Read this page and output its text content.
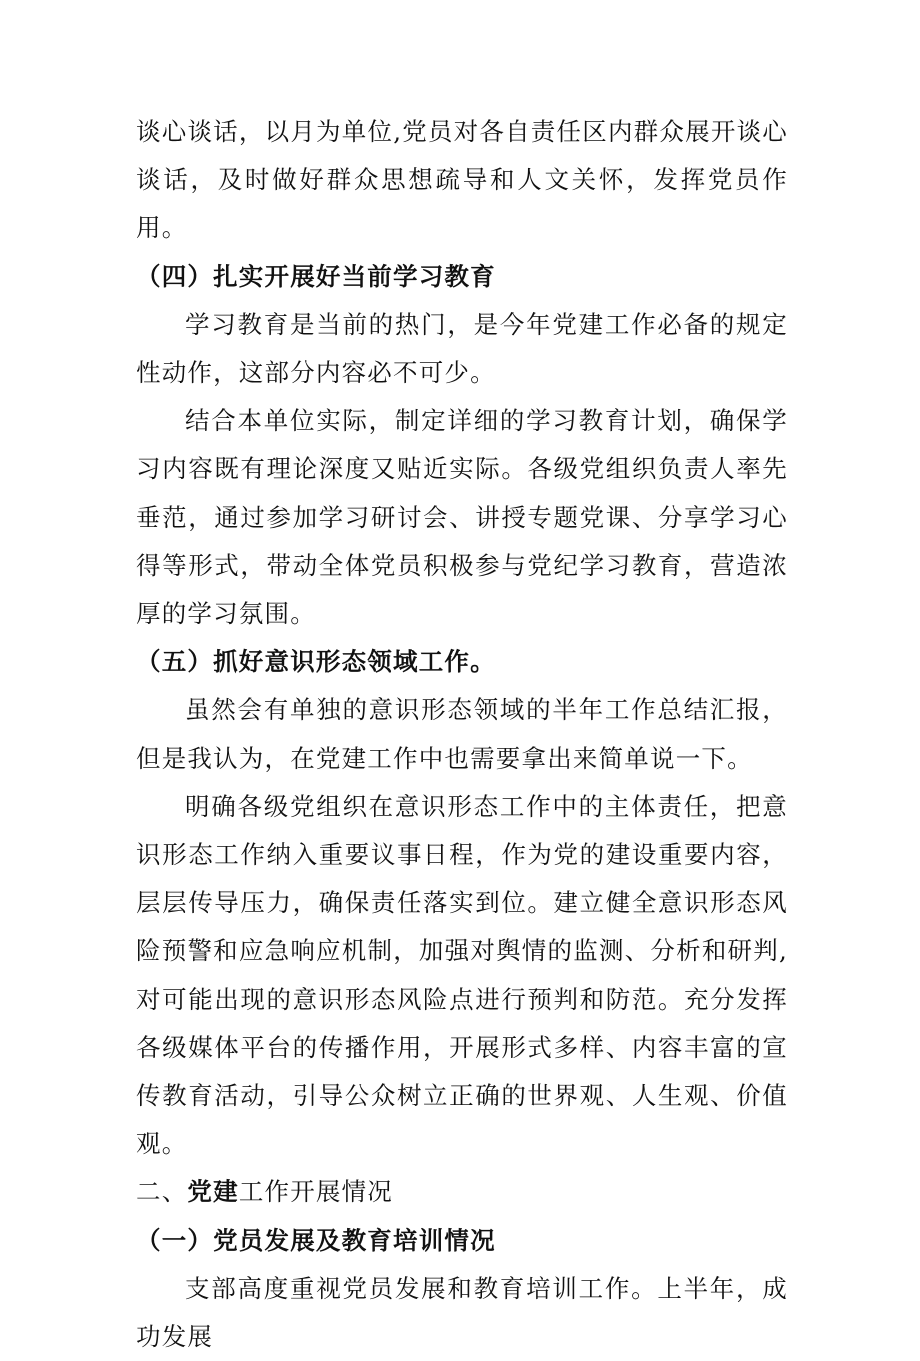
谈心谈话，以月为单位,党员对各自责任区内群众展开谈心谈话，及时做好群众思想疏导和人文关怀，发挥党员作用。

（四）扎实开展好当前学习教育

学习教育是当前的热门，是今年党建工作必备的规定性动作，这部分内容必不可少。

结合本单位实际，制定详细的学习教育计划，确保学习内容既有理论深度又贴近实际。各级党组织负责人率先垂范，通过参加学习研讨会、讲授专题党课、分享学习心得等形式，带动全体党员积极参与党纪学习教育，营造浓厚的学习氛围。

（五）抓好意识形态领域工作。

虽然会有单独的意识形态领域的半年工作总结汇报，但是我认为，在党建工作中也需要拿出来简单说一下。

明确各级党组织在意识形态工作中的主体责任，把意识形态工作纳入重要议事日程，作为党的建设重要内容，层层传导压力，确保责任落实到位。建立健全意识形态风险预警和应急响应机制，加强对舆情的监测、分析和研判,对可能出现的意识形态风险点进行预判和防范。充分发挥各级媒体平台的传播作用，开展形式多样、内容丰富的宣传教育活动，引导公众树立正确的世界观、人生观、价值观。

二、党建工作开展情况

（一）党员发展及教育培训情况

支部高度重视党员发展和教育培训工作。上半年，成功发展
